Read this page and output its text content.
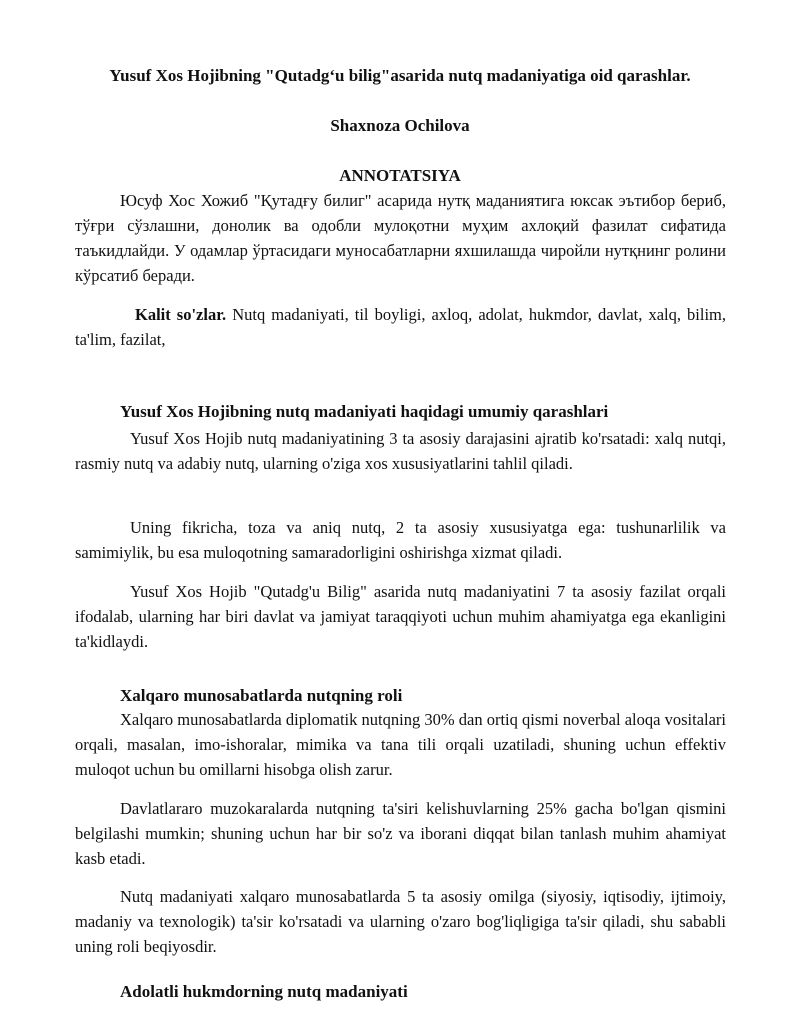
Yusuf Xos Hojibning "Qutadg‘u bilig"asarida nutq madaniyatiga oid qarashlar.
Shaxnoza Ochilova
ANNOTATSIYA

Юсуф Хос Хожиб "Қутадғу билиг" асарида нутқ маданиятига юксак эътибор бериб, тўғри сўзлашни, донолик ва одобли мулоқотни муҳим ахлоқий фазилат сифатида таъкидлайди. У одамлар ўртасидаги муносабатларни яхшилашда чиройли нутқнинг ролини кўрсатиб беради.

Kalit so'zlar. Nutq madaniyati, til boyligi, axloq, adolat, hukmdor, davlat, xalq, bilim, ta'lim, fazilat,

Yusuf Xos Hojibning nutq madaniyati haqidagi umumiy qarashlari

Yusuf Xos Hojib nutq madaniyatining 3 ta asosiy darajasini ajratib ko'rsatadi: xalq nutqi, rasmiy nutq va adabiy nutq, ularning o'ziga xos xususiyatlarini tahlil qiladi.

Uning fikricha, toza va aniq nutq, 2 ta asosiy xususiyatga ega: tushunarlilik va samimiylik, bu esa muloqotning samaradorligini oshirishga xizmat qiladi.

Yusuf Xos Hojib "Qutadg'u Bilig" asarida nutq madaniyatini 7 ta asosiy fazilat orqali ifodalab, ularning har biri davlat va jamiyat taraqqiyoti uchun muhim ahamiyatga ega ekanligini ta'kidlaydi.

Xalqaro munosabatlarda nutqning roli

Xalqaro munosabatlarda diplomatik nutqning 30% dan ortiq qismi noverbal aloqa vositalari orqali, masalan, imo-ishoralar, mimika va tana tili orqali uzatiladi, shuning uchun effektiv muloqot uchun bu omillarni hisobga olish zarur.

Davlatlararo muzokaralarda nutqning ta'siri kelishuvlarning 25% gacha bo'lgan qismini belgilashi mumkin; shuning uchun har bir so'z va iborani diqqat bilan tanlash muhim ahamiyat kasb etadi.

Nutq madaniyati xalqaro munosabatlarda 5 ta asosiy omilga (siyosiy, iqtisodiy, ijtimoiy, madaniy va texnologik) ta'sir ko'rsatadi va ularning o'zaro bog'liqligiga ta'sir qiladi, shu sababli uning roli beqiyosdir.

Adolatli hukmdorning nutq madaniyati
